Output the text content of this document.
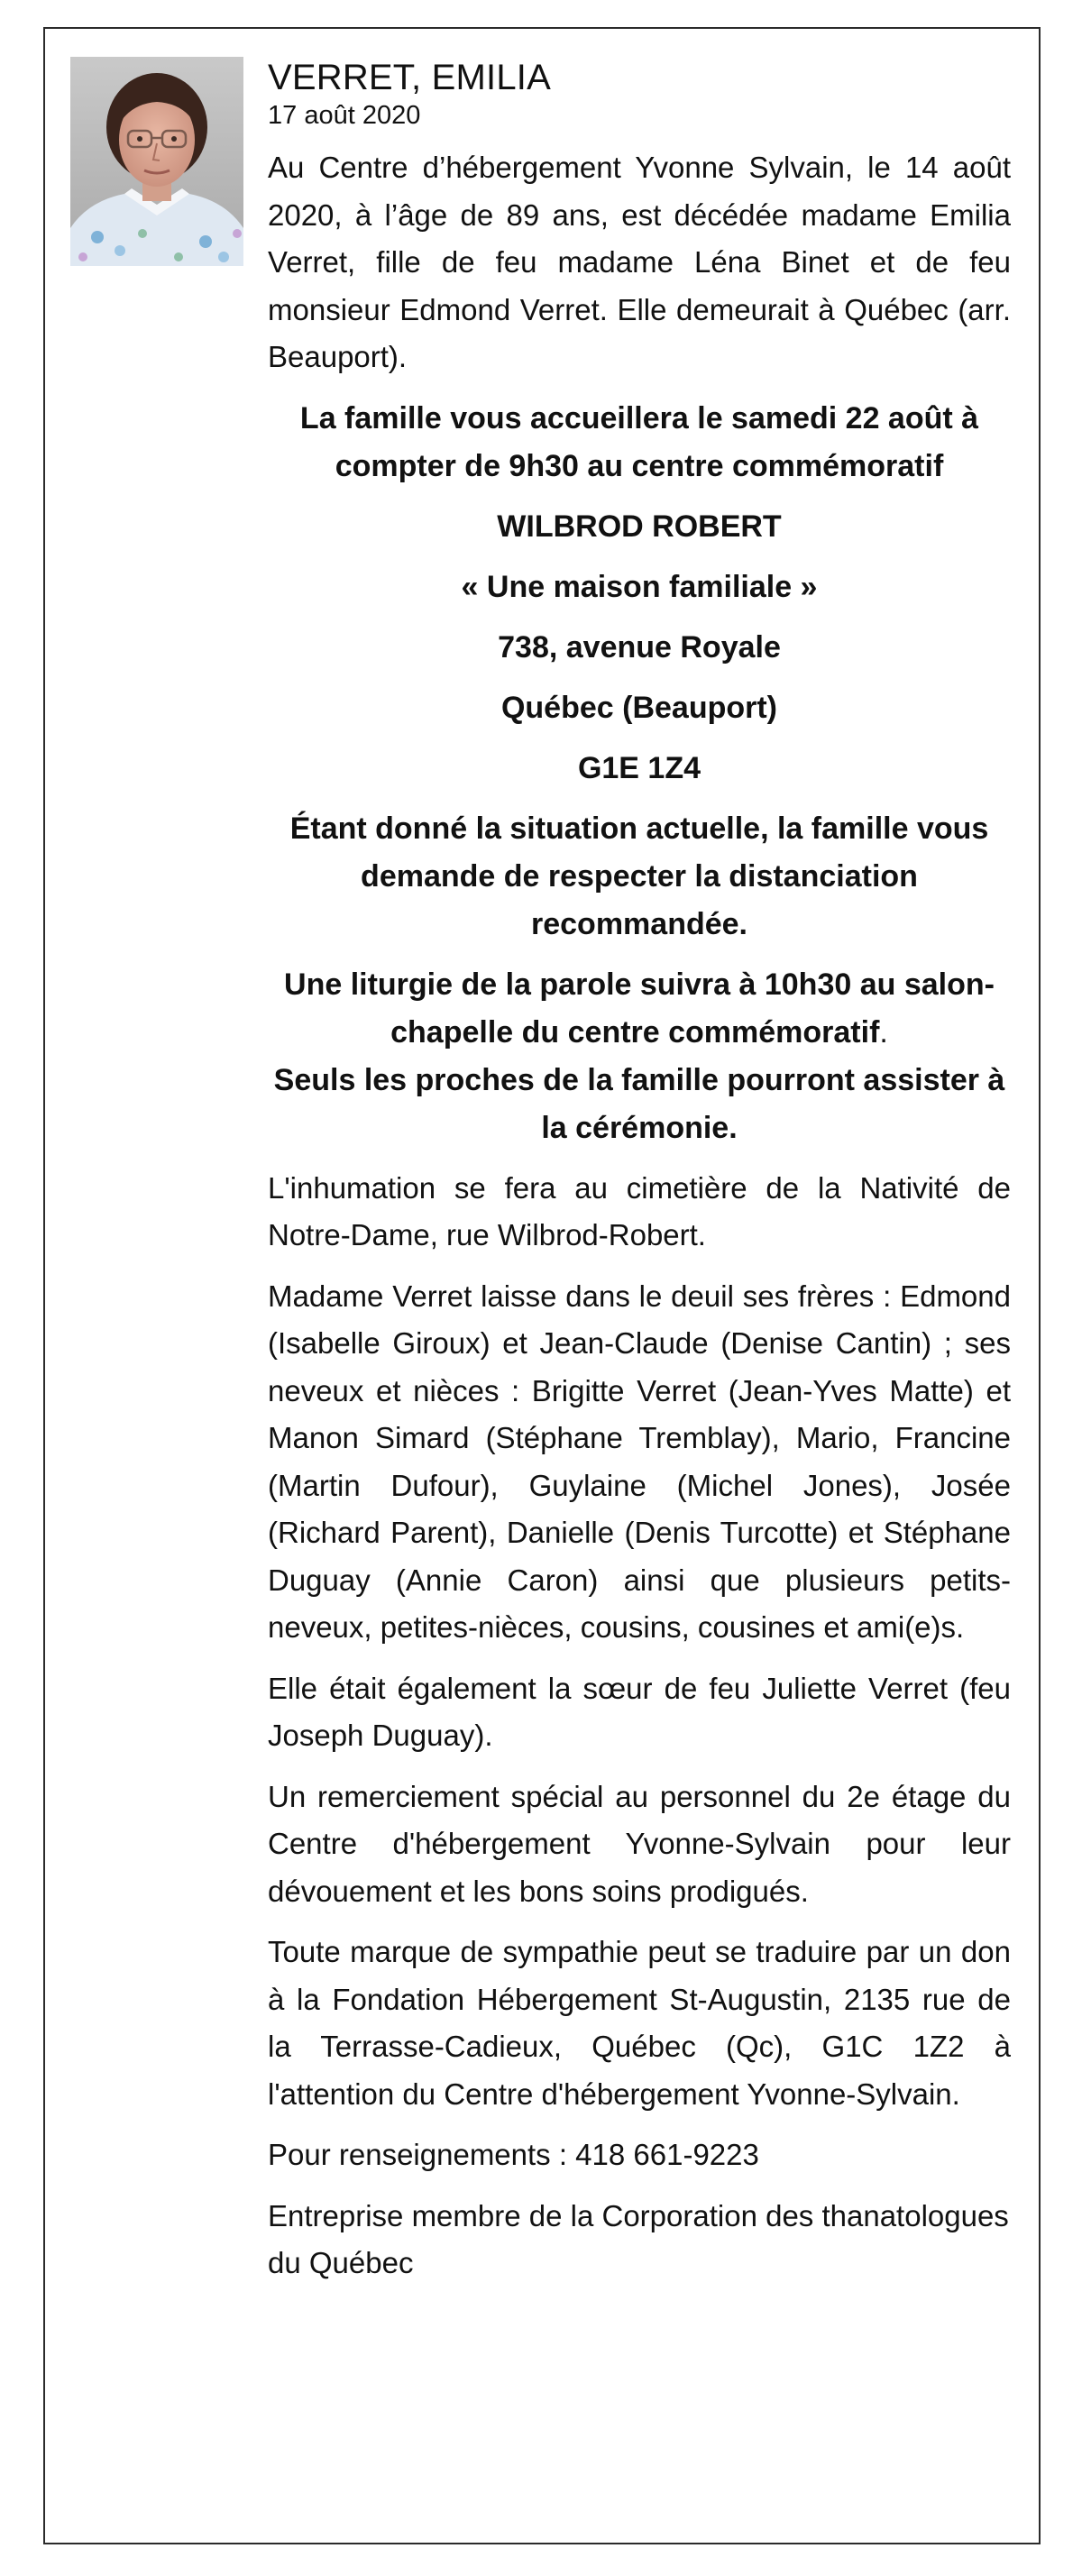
VERRET, EMILIA
17 août 2020

Au Centre d’hébergement Yvonne Sylvain, le 14 août 2020, à l’âge de 89 ans, est décédée madame Emilia Verret, fille de feu madame Léna Binet et de feu monsieur Edmond Verret. Elle demeurait à Québec (arr. Beauport).

La famille vous accueillera le samedi 22 août à compter de 9h30 au centre commémoratif

WILBROD ROBERT

« Une maison familiale »

738, avenue Royale

Québec (Beauport)

G1E 1Z4

Étant donné la situation actuelle, la famille vous demande de respecter la distanciation recommandée.

Une liturgie de la parole suivra à 10h30 au salon-chapelle du centre commémoratif.
Seuls les proches de la famille pourront assister à la cérémonie.

L'inhumation se fera au cimetière de la Nativité de Notre-Dame, rue Wilbrod-Robert.

Madame Verret laisse dans le deuil ses frères : Edmond (Isabelle Giroux) et Jean-Claude (Denise Cantin) ; ses neveux et nièces : Brigitte Verret (Jean-Yves Matte) et Manon Simard (Stéphane Tremblay), Mario, Francine (Martin Dufour), Guylaine (Michel Jones), Josée (Richard Parent), Danielle (Denis Turcotte) et Stéphane Duguay (Annie Caron) ainsi que plusieurs petits-neveux, petites-nièces, cousins, cousines et ami(e)s.

Elle était également la sœur de feu Juliette Verret (feu Joseph Duguay).

Un remerciement spécial au personnel du 2e étage du Centre d'hébergement Yvonne-Sylvain pour leur dévouement et les bons soins prodigués.

Toute marque de sympathie peut se traduire par un don à la Fondation Hébergement St-Augustin, 2135 rue de la Terrasse-Cadieux, Québec (Qc), G1C 1Z2 à l'attention du Centre d'hébergement Yvonne-Sylvain.

Pour renseignements : 418 661-9223

Entreprise membre de la Corporation des thanatologues du Québec
